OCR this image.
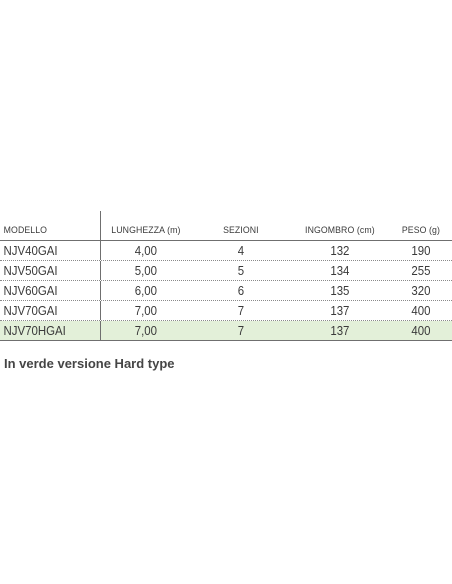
MODELLO	LUNGHEZZA (m)	SEZIONI	INGOMBRO (cm)	PESO (g)
NJV40GAI	4,00	4	132	190
NJV50GAI	5,00	5	134	255
NJV60GAI	6,00	6	135	320
NJV70GAI	7,00	7	137	400
NJV70HGAI	7,00	7	137	400
In verde versione Hard type
